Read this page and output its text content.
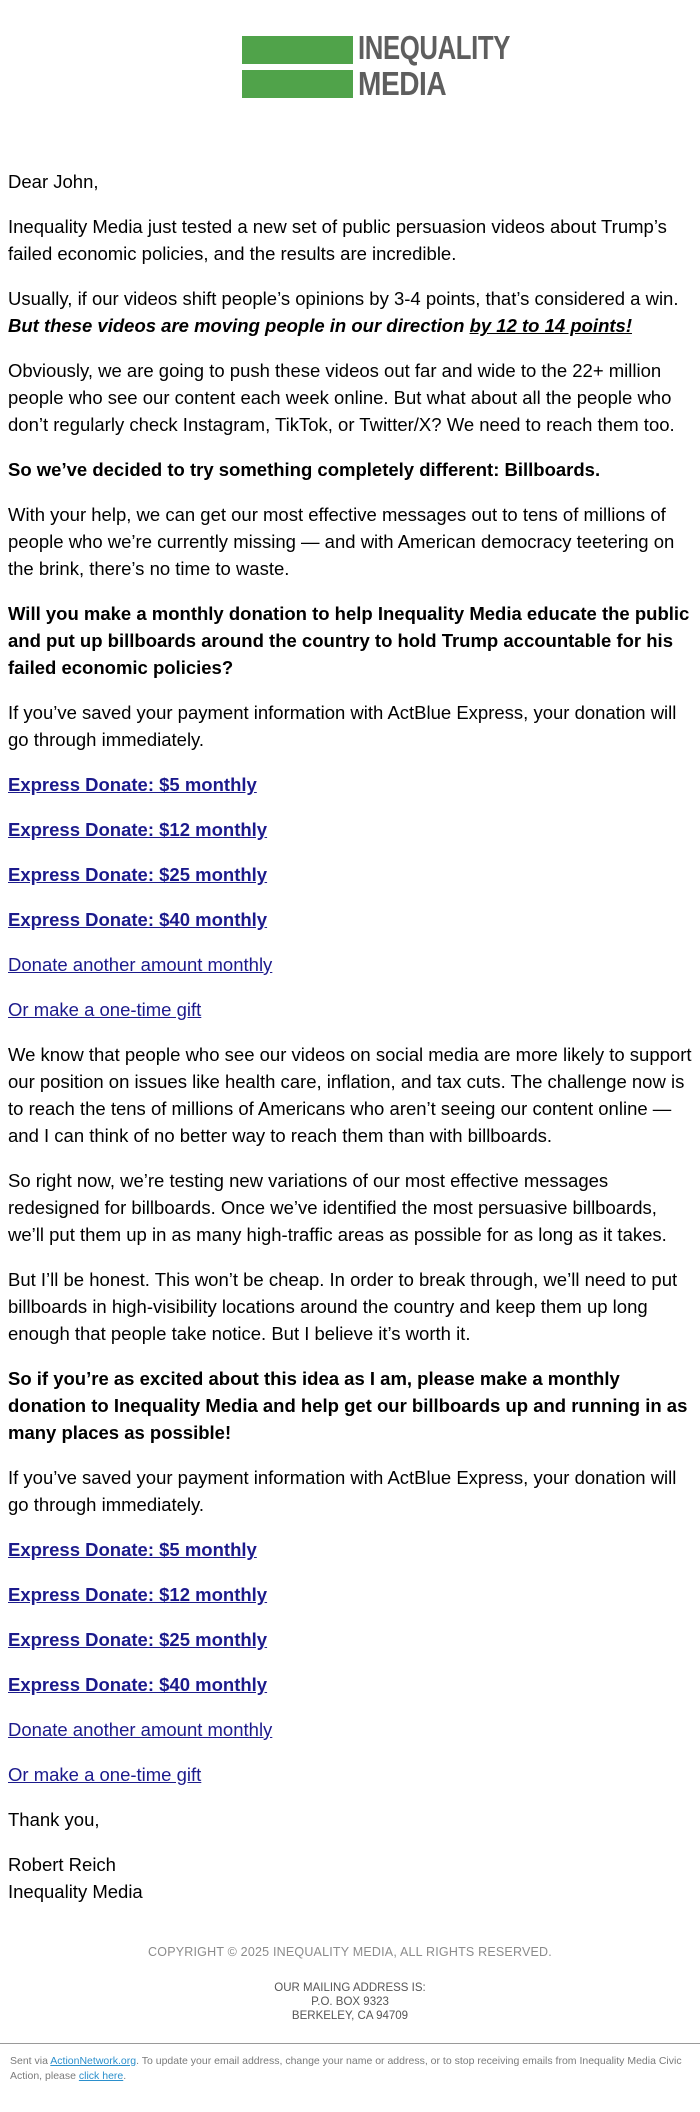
INEQUALITY
MEDIA

Dear John,

Inequality Media just tested a new set of public persuasion videos about Trump’s failed economic policies, and the results are incredible.

Usually, if our videos shift people’s opinions by 3-4 points, that’s considered a win.
But these videos are moving people in our direction by 12 to 14 points!

Obviously, we are going to push these videos out far and wide to the 22+ million people who see our content each week online. But what about all the people who don’t regularly check Instagram, TikTok, or Twitter/X? We need to reach them too.

So we’ve decided to try something completely different: Billboards.

With your help, we can get our most effective messages out to tens of millions of people who we’re currently missing — and with American democracy teetering on the brink, there’s no time to waste.

Will you make a monthly donation to help Inequality Media educate the public and put up billboards around the country to hold Trump accountable for his failed economic policies?

If you’ve saved your payment information with ActBlue Express, your donation will go through immediately.

Express Donate: $5 monthly

Express Donate: $12 monthly

Express Donate: $25 monthly

Express Donate: $40 monthly

Donate another amount monthly

Or make a one-time gift

We know that people who see our videos on social media are more likely to support our position on issues like health care, inflation, and tax cuts. The challenge now is to reach the tens of millions of Americans who aren’t seeing our content online — and I can think of no better way to reach them than with billboards.

So right now, we’re testing new variations of our most effective messages redesigned for billboards. Once we’ve identified the most persuasive billboards, we’ll put them up in as many high-traffic areas as possible for as long as it takes.

But I’ll be honest. This won’t be cheap. In order to break through, we’ll need to put billboards in high-visibility locations around the country and keep them up long enough that people take notice. But I believe it’s worth it.

So if you’re as excited about this idea as I am, please make a monthly donation to Inequality Media and help get our billboards up and running in as many places as possible!

If you’ve saved your payment information with ActBlue Express, your donation will go through immediately.

Express Donate: $5 monthly

Express Donate: $12 monthly

Express Donate: $25 monthly

Express Donate: $40 monthly

Donate another amount monthly

Or make a one-time gift

Thank you,

Robert Reich

Inequality Media

COPYRIGHT © 2025 INEQUALITY MEDIA, ALL RIGHTS RESERVED.
OUR MAILING ADDRESS IS:
P.O. BOX 9323
BERKELEY, CA 94709
Sent via ActionNetwork.org. To update your email address, change your name or address, or to stop receiving emails from Inequality Media Civic Action, please click here.
